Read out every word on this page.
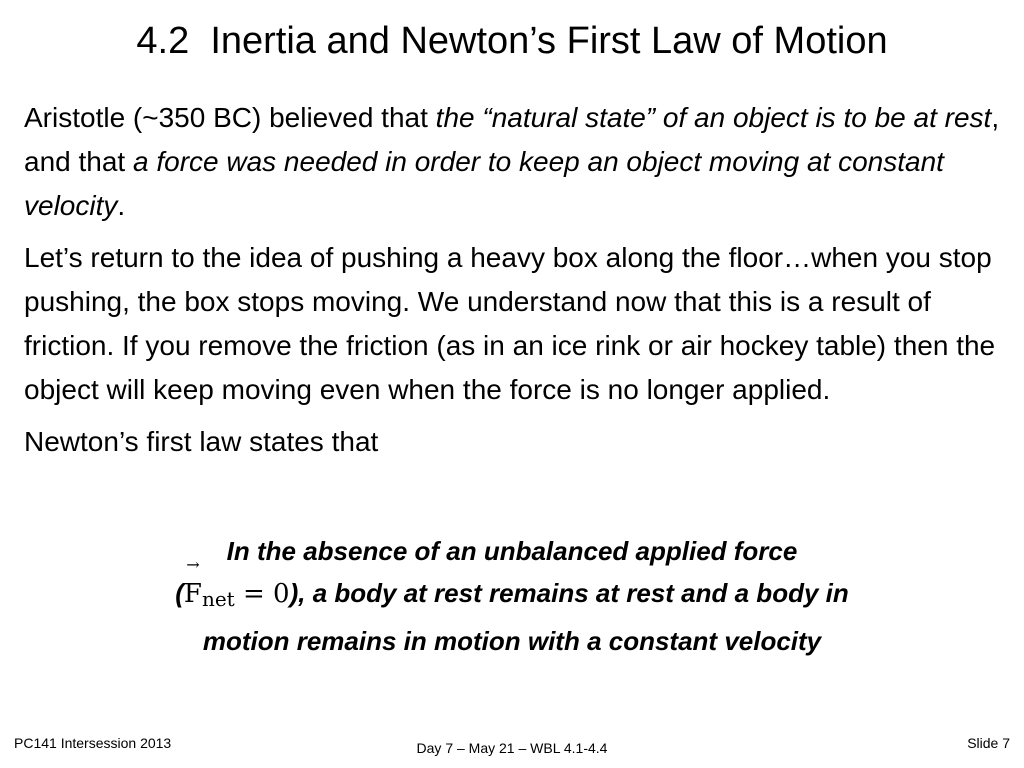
4.2  Inertia and Newton’s First Law of Motion

Aristotle (~350 BC) believed that the “natural state” of an object is to be at rest, and that a force was needed in order to keep an object moving at constant velocity.

Let’s return to the idea of pushing a heavy box along the floor…when you stop pushing, the box stops moving. We understand now that this is a result of friction. If you remove the friction (as in an ice rink or air hockey table) then the object will keep moving even when the force is no longer applied.

Newton’s first law states that

In the absence of an unbalanced applied force
(
→
$F_{net} = 0$), a body at rest remains at rest and a body in motion remains in motion with a constant velocity
PC141 Intersession 2013	Day 7 – May 21 – WBL 4.1-4.4	Slide 7
